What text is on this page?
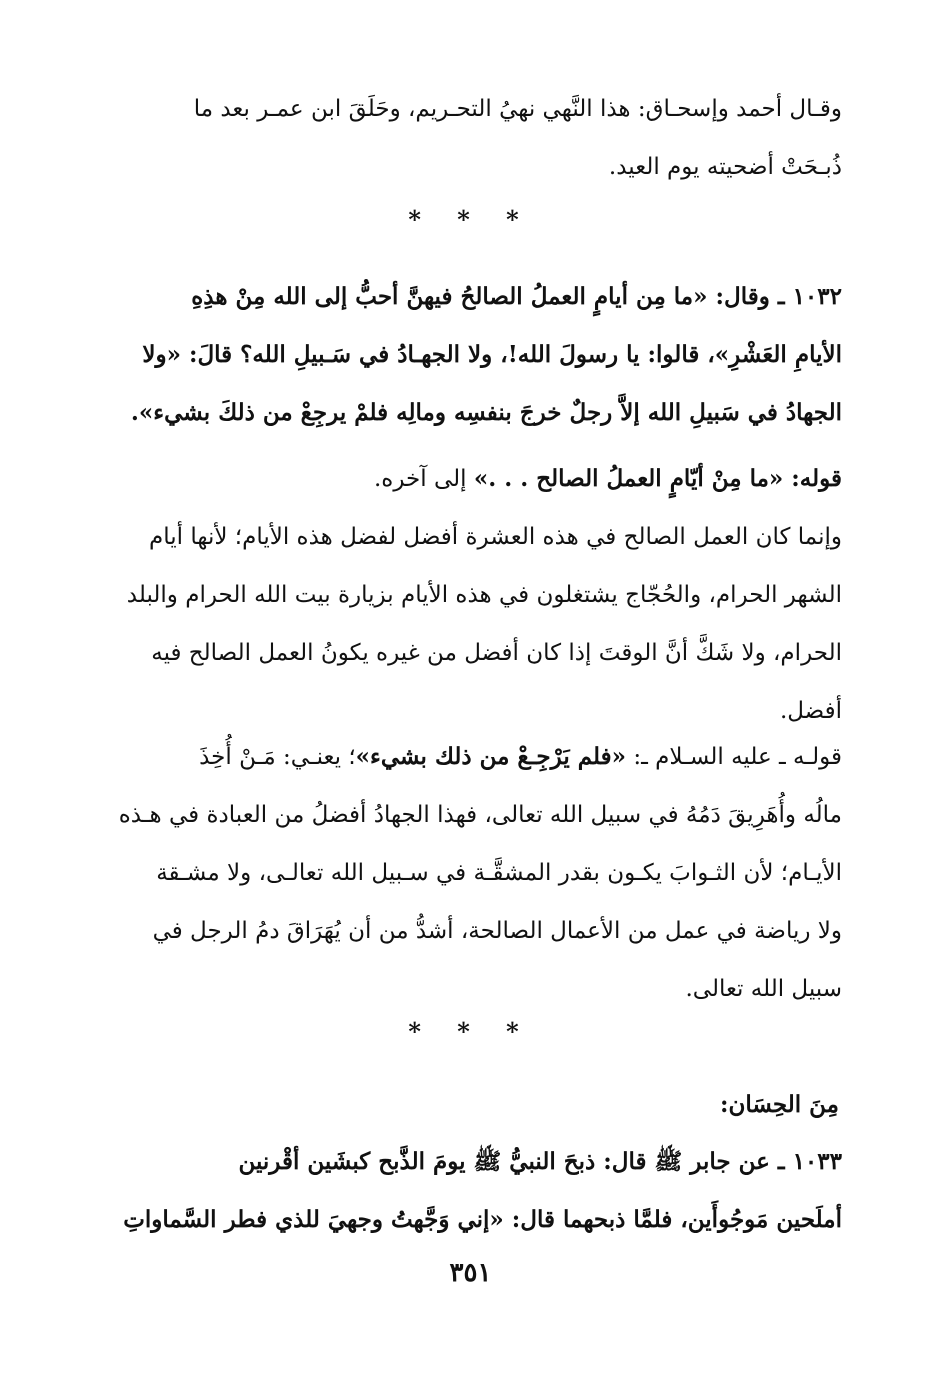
وقـال أحمد وإسحـاق: هذا النَّهي نهيُ التحـريم، وحَلَقَ ابن عمـر بعد ما
ذُبـحَتْ أضحيته يوم العيد.
* * *
١٠٣٢ ـ وقال: «ما مِن أيامٍ العملُ الصالحُ فيهنَّ أحبُّ إلى الله مِنْ هذِهِ
الأيامِ العَشْرِ»، قالوا: يا رسولَ الله!، ولا الجهـادُ في سَـبيلِ الله؟ قالَ: «ولا
الجهادُ في سَبيلِ الله إلاَّ رجلٌ خرجَ بنفسِه ومالِه فلمْ يرجِعْ من ذلكَ بشيء».
قوله: «ما مِنْ أيّامٍ العملُ الصالح . . .» إلى آخره.
وإنما كان العمل الصالح في هذه العشرة أفضل لفضل هذه الأيام؛ لأنها أيام
الشهر الحرام، والحُجّاج يشتغلون في هذه الأيام بزيارة بيت الله الحرام والبلد
الحرام، ولا شَكَّ أنَّ الوقتَ إذا كان أفضل من غيره يكونُ العمل الصالح فيه
أفضل.
قولـه ـ عليه السـلام ـ: «فلم يَرْجِـعْ من ذلك بشيء»؛ يعنـي: مَـنْ أُخِذَ
مالُه وأُهَرِيقَ دَمُهُ في سبيل الله تعالى، فهذا الجهادُ أفضلُ من العبادة في هـذه
الأيـام؛ لأن الثـوابَ يكـون بقدر المشقَّـة في سـبيل الله تعالـى، ولا مشـقة
ولا رياضة في عمل من الأعمال الصالحة، أشدُّ من أن يُهَرَاقَ دمُ الرجل في
سبيل الله تعالى.
* * *
مِنَ الحِسَان:
١٠٣٣ ـ عن جابر ﷺ قال: ذبحَ النبيُّ ﷺ يومَ الذَّبح كبشَين أقْرنين
أملَحين مَوجُوأَين، فلمَّا ذبحهما قال: «إني وَجَّهتُ وجهيَ للذي فطر السَّماواتِ
٣٥١
